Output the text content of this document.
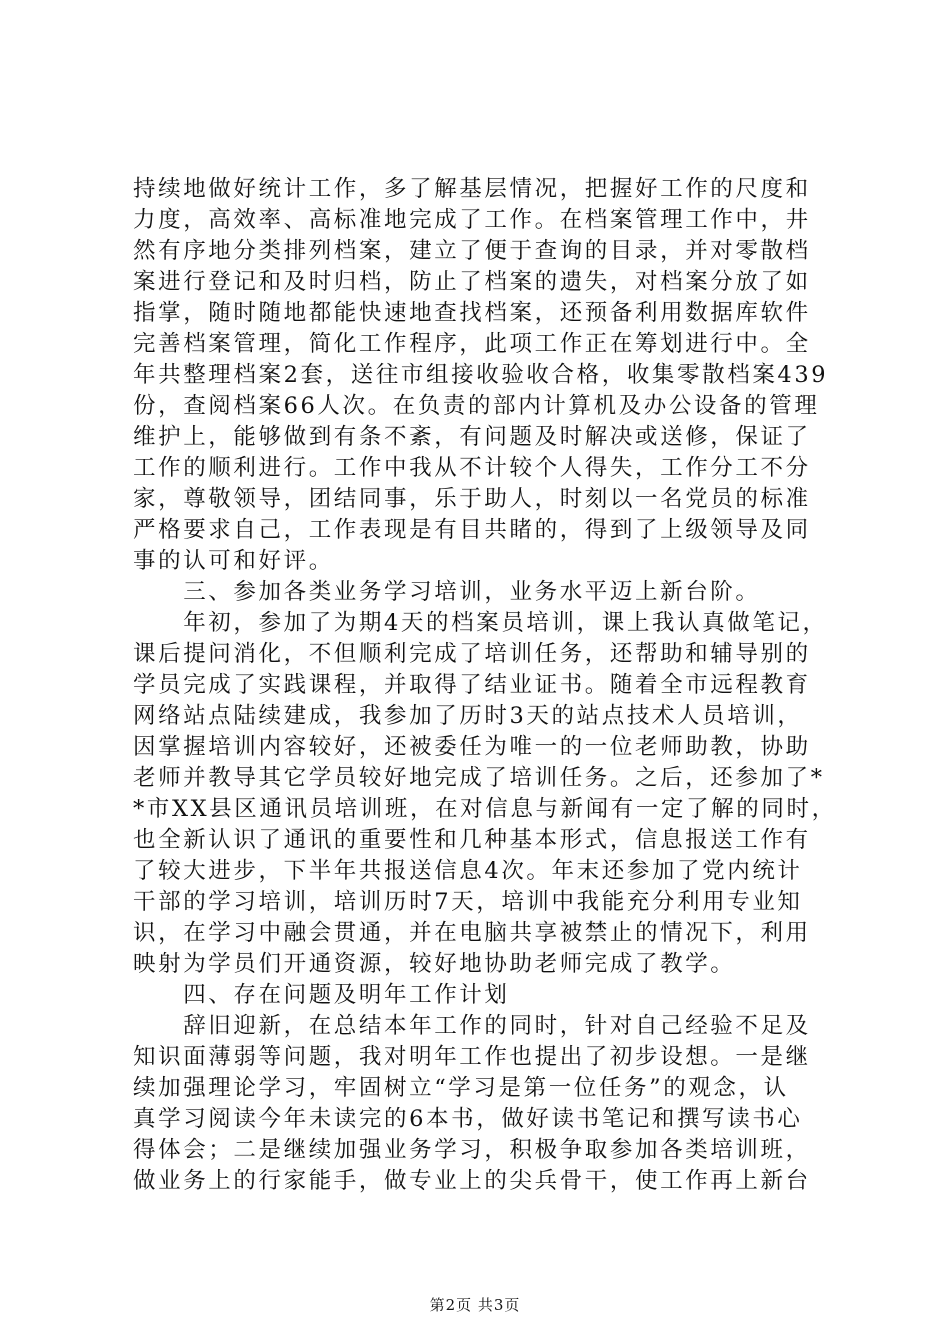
持续地做好统计工作，多了解基层情况，把握好工作的尺度和
力度，高效率、高标准地完成了工作。在档案管理工作中，井
然有序地分类排列档案，建立了便于查询的目录，并对零散档
案进行登记和及时归档，防止了档案的遗失，对档案分放了如
指掌，随时随地都能快速地查找档案，还预备利用数据库软件
完善档案管理，简化工作程序，此项工作正在筹划进行中。全
年共整理档案2套，送往市组接收验收合格，收集零散档案439
份，查阅档案66人次。在负责的部内计算机及办公设备的管理
维护上，能够做到有条不紊，有问题及时解决或送修，保证了
工作的顺利进行。工作中我从不计较个人得失，工作分工不分
家，尊敬领导，团结同事，乐于助人，时刻以一名党员的标准
严格要求自己，工作表现是有目共睹的，得到了上级领导及同
事的认可和好评。
　　三、参加各类业务学习培训，业务水平迈上新台阶。
　　年初，参加了为期4天的档案员培训，课上我认真做笔记，
课后提问消化，不但顺利完成了培训任务，还帮助和辅导别的
学员完成了实践课程，并取得了结业证书。随着全市远程教育
网络站点陆续建成，我参加了历时3天的站点技术人员培训，
因掌握培训内容较好，还被委任为唯一的一位老师助教，协助
老师并教导其它学员较好地完成了培训任务。之后，还参加了*
*市XX县区通讯员培训班，在对信息与新闻有一定了解的同时，
也全新认识了通讯的重要性和几种基本形式，信息报送工作有
了较大进步，下半年共报送信息4次。年末还参加了党内统计
干部的学习培训，培训历时7天，培训中我能充分利用专业知
识，在学习中融会贯通，并在电脑共享被禁止的情况下，利用
映射为学员们开通资源，较好地协助老师完成了教学。
　　四、存在问题及明年工作计划
　　辞旧迎新，在总结本年工作的同时，针对自己经验不足及
知识面薄弱等问题，我对明年工作也提出了初步设想。一是继
续加强理论学习，牢固树立“学习是第一位任务”的观念，认
真学习阅读今年未读完的6本书，做好读书笔记和撰写读书心
得体会；二是继续加强业务学习，积极争取参加各类培训班，
做业务上的行家能手，做专业上的尖兵骨干，使工作再上新台
第2页 共3页
